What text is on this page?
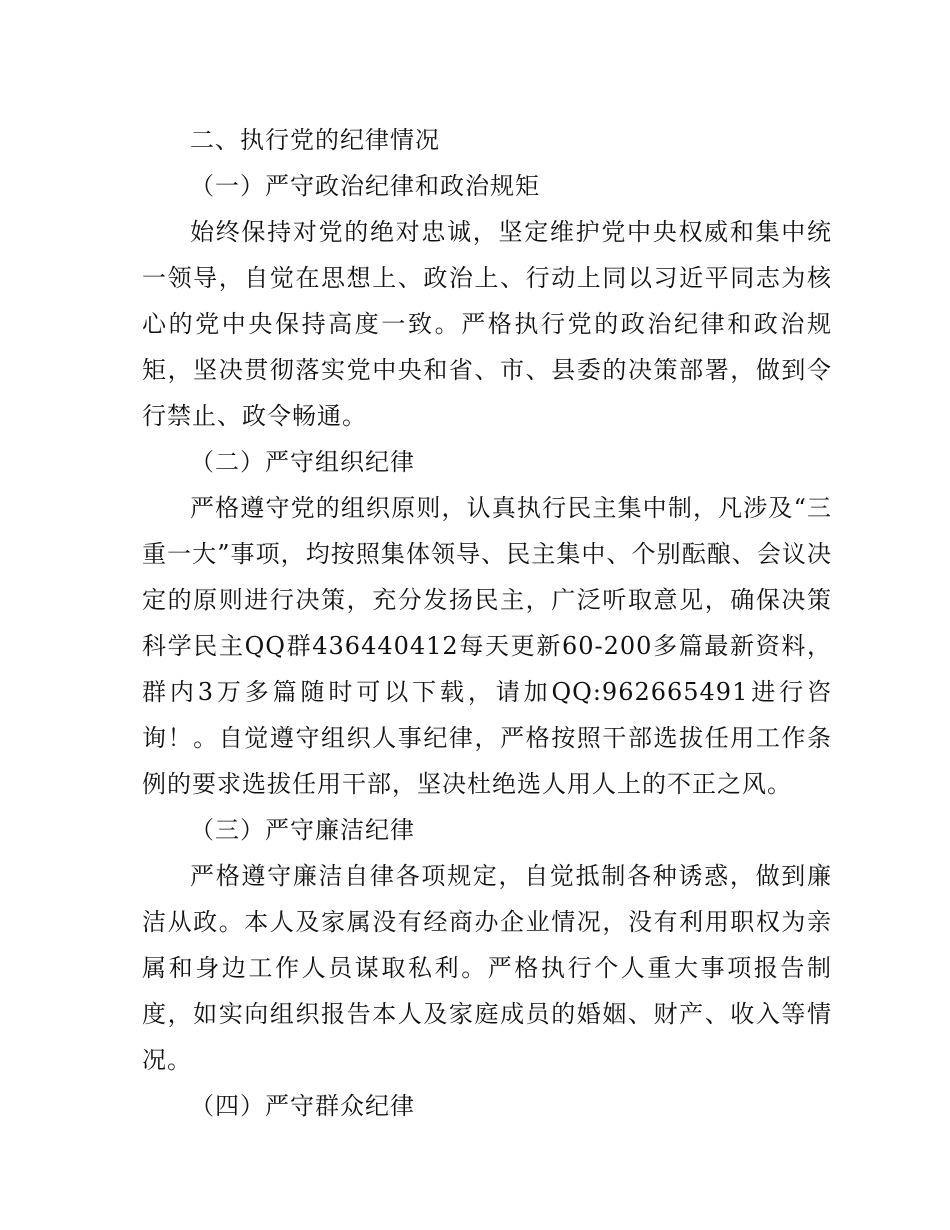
二、执行党的纪律情况

（一）严守政治纪律和政治规矩

始终保持对党的绝对忠诚，坚定维护党中央权威和集中统一领导，自觉在思想上、政治上、行动上同以习近平同志为核心的党中央保持高度一致。严格执行党的政治纪律和政治规矩，坚决贯彻落实党中央和省、市、县委的决策部署，做到令行禁止、政令畅通。

（二）严守组织纪律

严格遵守党的组织原则，认真执行民主集中制，凡涉及“三重一大”事项，均按照集体领导、民主集中、个别酝酿、会议决定的原则进行决策，充分发扬民主，广泛听取意见，确保决策科学民主QQ群436440412每天更新60-200多篇最新资料，群内3万多篇随时可以下载，请加QQ:962665491进行咨询！。自觉遵守组织人事纪律，严格按照干部选拔任用工作条例的要求选拔任用干部，坚决杜绝选人用人上的不正之风。

（三）严守廉洁纪律

严格遵守廉洁自律各项规定，自觉抵制各种诱惑，做到廉洁从政。本人及家属没有经商办企业情况，没有利用职权为亲属和身边工作人员谋取私利。严格执行个人重大事项报告制度，如实向组织报告本人及家庭成员的婚姻、财产、收入等情况。

（四）严守群众纪律
